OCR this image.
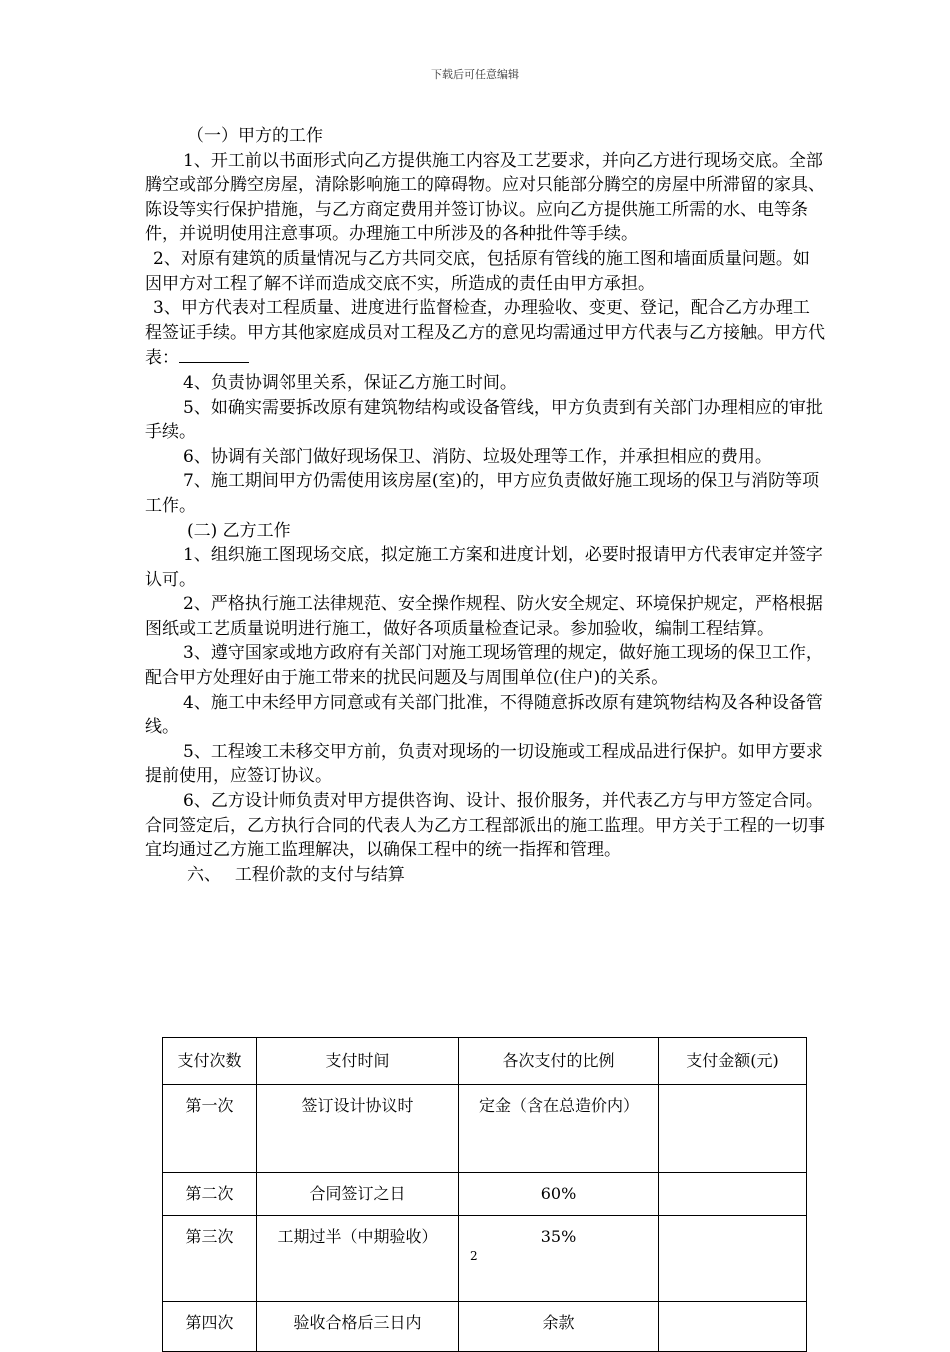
下载后可任意编辑

（一）甲方的工作

1、开工前以书面形式向乙方提供施工内容及工艺要求，并向乙方进行现场交底。全部腾空或部分腾空房屋，清除影响施工的障碍物。应对只能部分腾空的房屋中所滞留的家具、陈设等实行保护措施，与乙方商定费用并签订协议。应向乙方提供施工所需的水、电等条件，并说明使用注意事项。办理施工中所涉及的各种批件等手续。

2、对原有建筑的质量情况与乙方共同交底，包括原有管线的施工图和墙面质量问题。如因甲方对工程了解不详而造成交底不实，所造成的责任由甲方承担。

3、甲方代表对工程质量、进度进行监督检查，办理验收、变更、登记，配合乙方办理工程签证手续。甲方其他家庭成员对工程及乙方的意见均需通过甲方代表与乙方接触。甲方代表：

4、负责协调邻里关系，保证乙方施工时间。

5、如确实需要拆改原有建筑物结构或设备管线，甲方负责到有关部门办理相应的审批手续。

6、协调有关部门做好现场保卫、消防、垃圾处理等工作，并承担相应的费用。

7、施工期间甲方仍需使用该房屋(室)的，甲方应负责做好施工现场的保卫与消防等项工作。

(二) 乙方工作

1、组织施工图现场交底，拟定施工方案和进度计划，必要时报请甲方代表审定并签字认可。

2、严格执行施工法律规范、安全操作规程、防火安全规定、环境保护规定，严格根据图纸或工艺质量说明进行施工，做好各项质量检查记录。参加验收，编制工程结算。

3、遵守国家或地方政府有关部门对施工现场管理的规定，做好施工现场的保卫工作，配合甲方处理好由于施工带来的扰民问题及与周围单位(住户)的关系。

4、施工中未经甲方同意或有关部门批准，不得随意拆改原有建筑物结构及各种设备管线。

5、工程竣工未移交甲方前，负责对现场的一切设施或工程成品进行保护。如甲方要求提前使用，应签订协议。

6、乙方设计师负责对甲方提供咨询、设计、报价服务，并代表乙方与甲方签定合同。合同签定后，乙方执行合同的代表人为乙方工程部派出的施工监理。甲方关于工程的一切事宜均通过乙方施工监理解决，以确保工程中的统一指挥和管理。

六、　 工程价款的支付与结算

支付次数	支付时间	各次支付的比例	支付金额(元)
第一次	签订设计协议时	定金（含在总造价内）	

第二次	合同签订之日	60%	
第三次	工期过半（中期验收）	35%	
第四次	验收合格后三日内	余款	
2
